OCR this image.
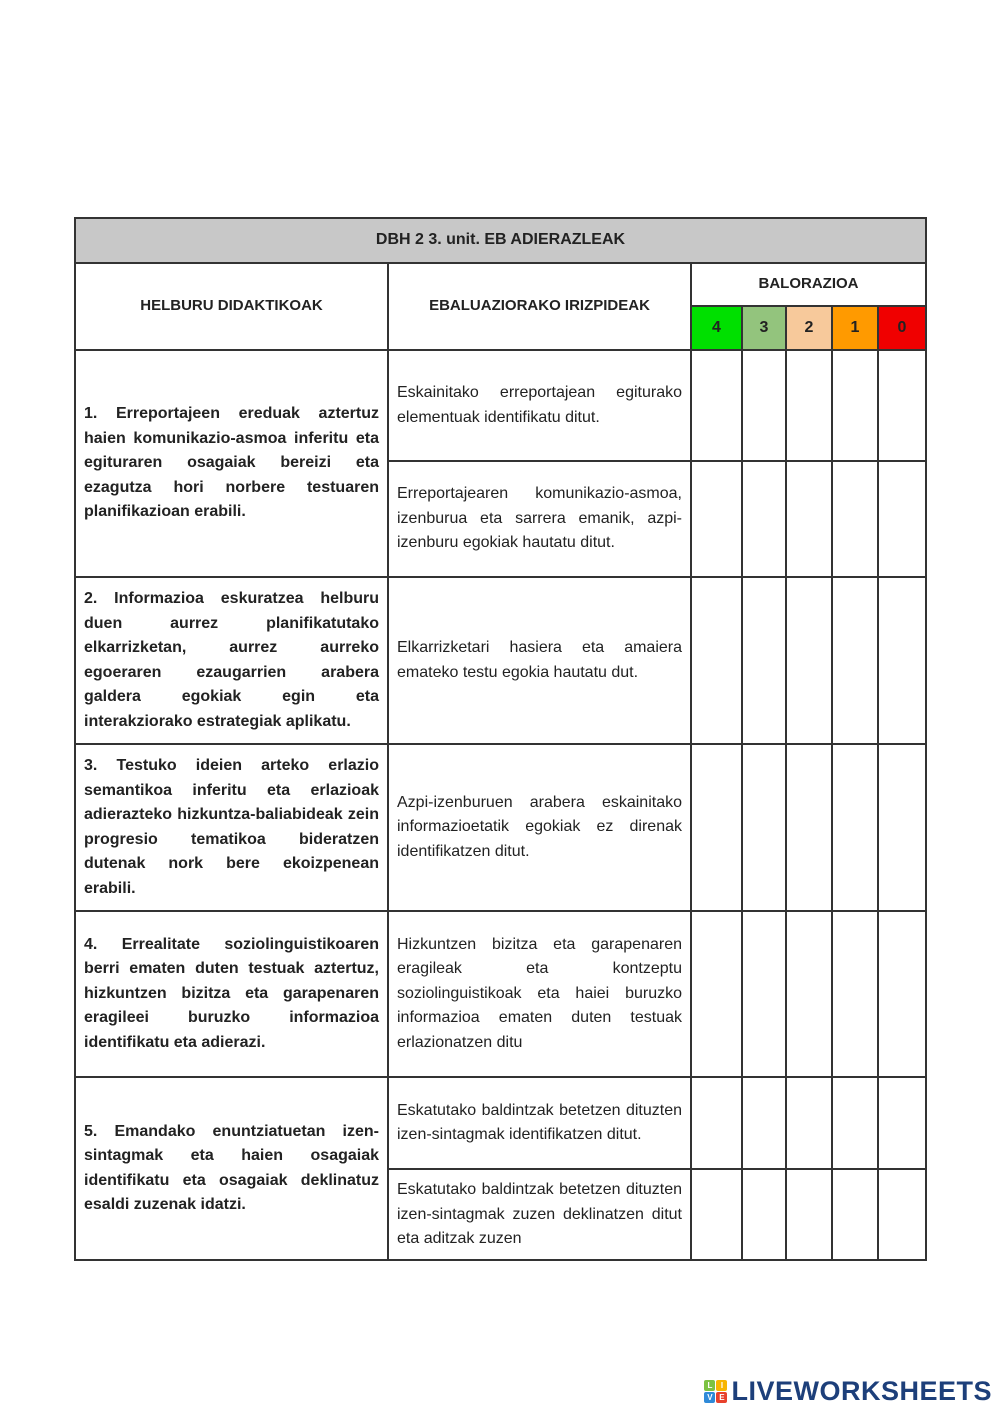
DBH 2 3. unit. EB ADIERAZLEAK						
HELBURU DIDAKTIKOAK	EBALUAZIORAKO IRIZPIDEAK	BALORAZIOA				
		4	3	2	1	0
1. Erreportajeen ereduak aztertuz haien komunikazio-asmoa inferitu eta egituraren osagaiak bereizi eta ezagutza hori norbere testuaren planifikazioan erabili.	Eskainitako erreportajean egiturako elementuak identifikatu ditut.					
	Erreportajearen komunikazio-asmoa, izenburua eta sarrera emanik, azpi-izenburu egokiak hautatu ditut.					
2. Informazioa eskuratzea helburu duen aurrez planifikatutako elkarrizketan, aurrez aurreko egoeraren ezaugarrien arabera galdera egokiak egin eta interakziorako estrategiak aplikatu.	Elkarrizketari hasiera eta amaiera emateko testu egokia hautatu dut.					
3. Testuko ideien arteko erlazio semantikoa inferitu eta erlazioak adierazteko hizkuntza-baliabideak zein progresio tematikoa bideratzen dutenak nork bere ekoizpenean erabili.	Azpi-izenburuen arabera eskainitako informazioetatik egokiak ez direnak identifikatzen ditut.					
4. Errealitate soziolinguistikoaren berri ematen duten testuak aztertuz, hizkuntzen bizitza eta garapenaren eragileei buruzko informazioa identifikatu eta adierazi.	Hizkuntzen bizitza eta garapenaren eragileak eta kontzeptu soziolinguistikoak eta haiei buruzko informazioa ematen duten testuak erlazionatzen ditu					
5. Emandako enuntziatuetan izen-sintagmak eta haien osagaiak identifikatu eta osagaiak deklinatuz esaldi zuzenak idatzi.	Eskatutako baldintzak betetzen dituzten izen-sintagmak identifikatzen ditut.					
	Eskatutako baldintzak betetzen dituzten izen-sintagmak zuzen deklinatzen ditut eta aditzak zuzen					
L	I
V E LIVEWORKSHEETS
